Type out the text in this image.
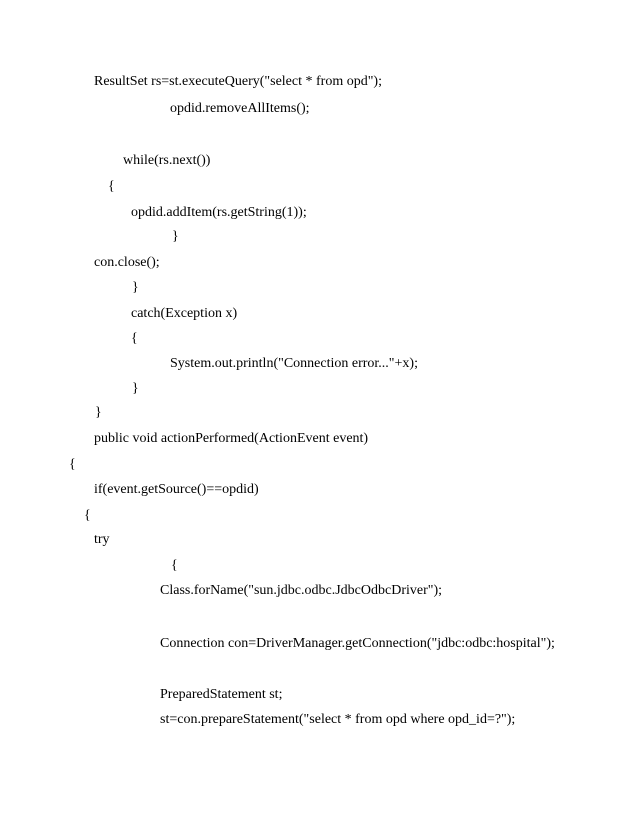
ResultSet rs=st.executeQuery("select * from opd");
opdid.removeAllItems();
while(rs.next())
{
opdid.addItem(rs.getString(1));
}
con.close();
}
catch(Exception x)
{
System.out.println("Connection error..."+x);
}
}
public void actionPerformed(ActionEvent event)
{
if(event.getSource()==opdid)
{
try
{
Class.forName("sun.jdbc.odbc.JdbcOdbcDriver");
Connection con=DriverManager.getConnection("jdbc:odbc:hospital");
PreparedStatement st;
st=con.prepareStatement("select * from opd where opd_id=?");
